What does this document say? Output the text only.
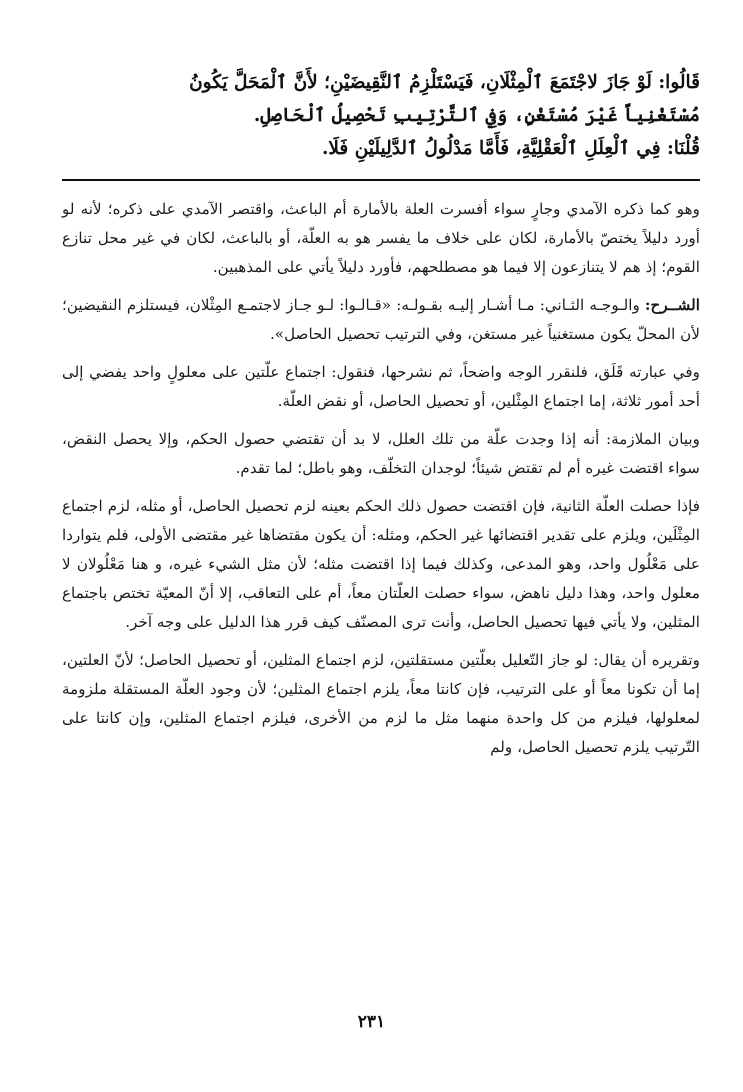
قَالُوا: لَوْ جَازَ لاجْتَمَعَ ٱلْمِثْلَانِ، فَيَسْتَلْزِمُ ٱلنَّقِيضَيْنِ؛ لأَنَّ ٱلْمَحَلَّ يَكُونُ

مُسْتَغْنِياً غَيْرَ مُسْتَغْنٍ، وَفِي ٱلتَّرْتِيبِ تَحْصِيلُ ٱلْحَاصِلِ.

قُلْنَا: فِي ٱلْعِلَلِ ٱلْعَقْلِيَّةِ، فَأَمَّا مَدْلُولُ ٱلدَّلِيلَيْنِ فَلَا.

وهو كما ذكره الآمدي وجارٍ سواء أفسرت العلة بالأمارة أم الباعث، واقتصر الآمدي على ذكره؛ لأنه لو أورد دليلاً يختصّ بالأمارة، لكان على خلاف ما يفسر هو به العلّة، أو بالباعث، لكان في غير محل تنازع القوم؛ إذ هم لا يتنازعون إلا فيما هو مصطلحهم، فأورد دليلاً يأتي على المذهبين.

الشــرح: والـوجـه الثـاني: مـا أشـار إليـه بقـولـه: «قـالـوا: لـو جـاز لاجتمـع المِثْلان، فيستلزم النقيضين؛ لأن المحلّ يكون مستغنياً غير مستغن، وفي الترتيب تحصيل الحاصل».

وفي عبارته قَلَق، فلنقرر الوجه واضحاً، ثم نشرحها، فنقول: اجتماع علّتين على معلولٍ واحد يفضي إلى أحد أمور ثلاثة، إما اجتماع المِثْلين، أو تحصيل الحاصل، أو نقض العلّة.

وبيان الملازمة: أنه إذا وجدت علّة من تلك العلل، لا بد أن تقتضي حصول الحكم، وإلا يحصل النقض، سواء اقتضت غيره أم لم تقتض شيئاً؛ لوجدان التخلّف، وهو باطل؛ لما تقدم.

فإذا حصلت العلّة الثانية، فإن اقتضت حصول ذلك الحكم بعينه لزم تحصيل الحاصل، أو مثله، لزم اجتماع المِثْلَين، ويلزم على تقدير اقتضائها غير الحكم، ومثله: أن يكون مقتضاها غير مقتضى الأولى، فلم يتواردا على مَعْلُول واحد، وهو المدعى، وكذلك فيما إذا اقتضت مثله؛ لأن مثل الشيء غيره، و هنا مَعْلُولان لا معلول واحد، وهذا دليل ناهض، سواء حصلت العلّتان معاً، أم على التعاقب، إلا أنّ المعيّة تختص باجتماع المثلين، ولا يأتي فيها تحصيل الحاصل، وأنت ترى المصنّف كيف قرر هذا الدليل على وجه آخر.

وتقريره أن يقال: لو جاز التّعليل بعلّتين مستقلتين، لزم اجتماع المثلين، أو تحصيل الحاصل؛ لأنّ العلتين، إما أن تكونا معاً أو على الترتيب، فإن كانتا معاً، يلزم اجتماع المثلين؛ لأن وجود العلّة المستقلة ملزومة لمعلولها، فيلزم من كل واحدة منهما مثل ما لزم من الأخرى، فيلزم اجتماع المثلين، وإن كانتا على التّرتيب يلزم تحصيل الحاصل، ولم

٢٣١
